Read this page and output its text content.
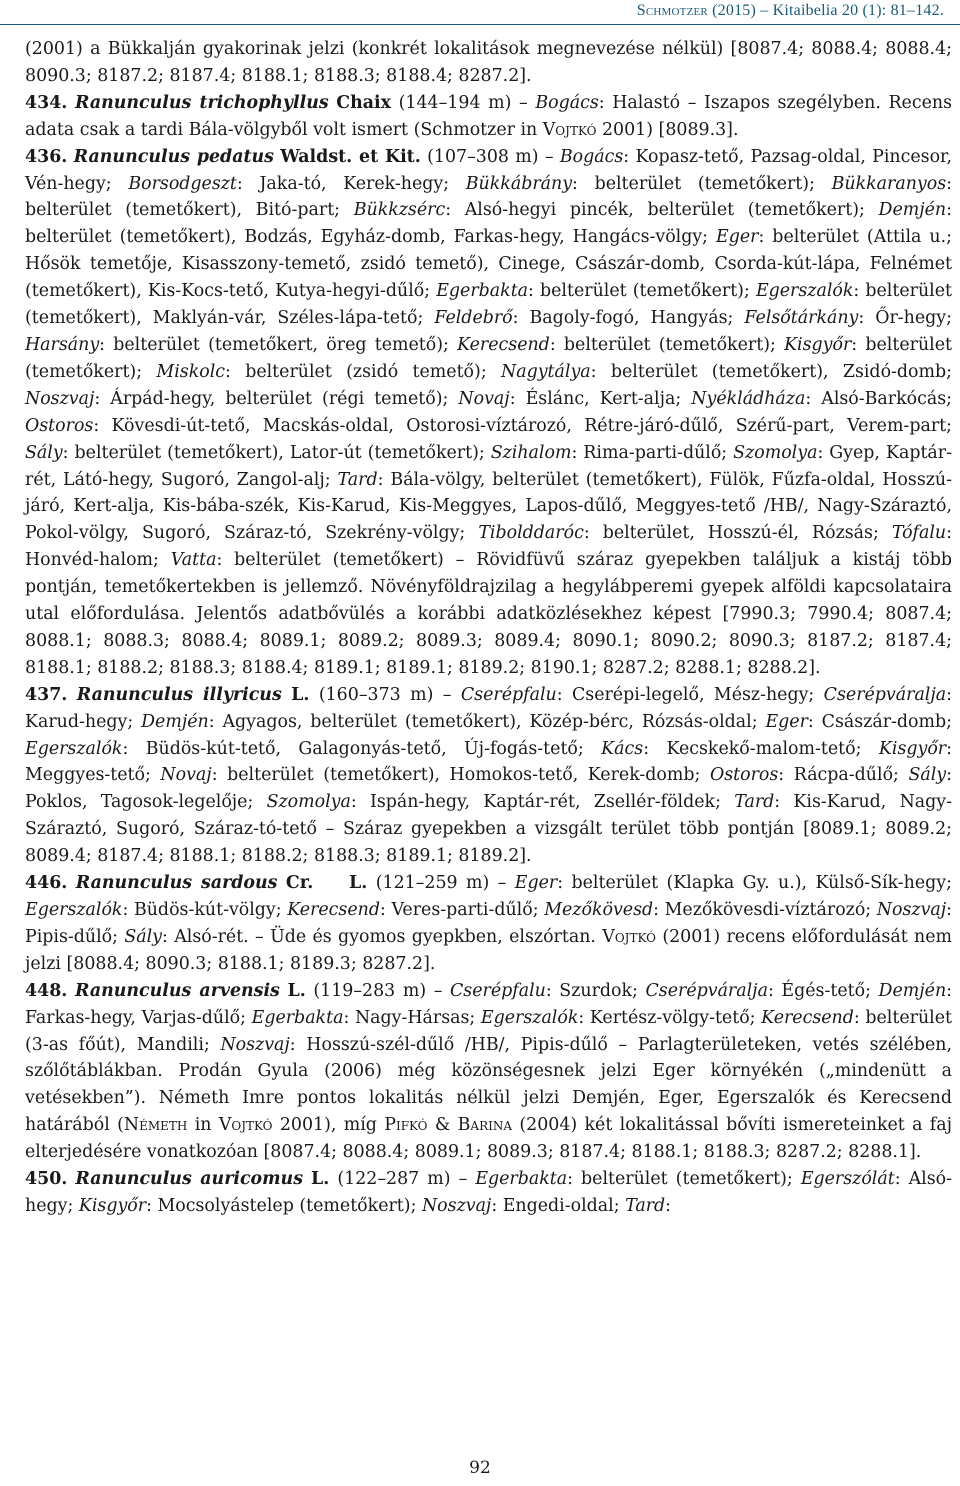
Schmotzer (2015) – Kitaibelia 20 (1): 81–142.

(2001) a Bükkalján gyakorinak jelzi (konkrét lokalitások megnevezése nélkül) [8087.4; 8088.4; 8088.4; 8090.3; 8187.2; 8187.4; 8188.1; 8188.3; 8188.4; 8287.2].

434. Ranunculus trichophyllus Chaix (144–194 m) – Bogács: Halastó – Iszapos szegélyben. Recens adata csak a tardi Bála-völgyből volt ismert (Schmotzer in Vojtkó 2001) [8089.3].

436. Ranunculus pedatus Waldst. et Kit. (107–308 m) – Bogács: Kopasz-tető, Pazsag-oldal, Pincesor, Vén-hegy; Borsodgeszt: Jaka-tó, Kerek-hegy; Bükkábrány: belterület (temetőkert); Bükkaranyos: belterület (temetőkert), Bitó-part; Bükkzsérc: Alsó-hegyi pincék, belterület (temetőkert); Demjén: belterület (temetőkert), Bodzás, Egyház-domb, Farkas-hegy, Hangács-völgy; Eger: belterület (Attila u.; Hősök temetője, Kisasszony-temető, zsidó temető), Cinege, Császár-domb, Csorda-kút-lápa, Felnémet (temetőkert), Kis-Kocs-tető, Kutya-hegyi-dűlő; Egerbakta: belterület (temetőkert); Egerszalók: belterület (temetőkert), Maklyán-vár, Széles-lápa-tető; Feldebrő: Bagoly-fogó, Hangyás; Felsőtárkány: Őr-hegy; Harsány: belterület (temetőkert, öreg temető); Kerecsend: belterület (temetőkert); Kisgyőr: belterület (temetőkert); Miskolc: belterület (zsidó temető); Nagytálya: belterület (temetőkert), Zsidó-domb; Noszvaj: Árpád-hegy, belterület (régi temető); Novaj: Éslánc, Kert-alja; Nyékládháza: Alsó-Barkócás; Ostoros: Kövesdi-út-tető, Macskás-oldal, Ostorosi-víztározó, Rétre-járó-dűlő, Szérű-part, Verem-part; Sály: belterület (temetőkert), Lator-út (temetőkert); Szihalom: Rima-parti-dűlő; Szomolya: Gyep, Kaptár-rét, Látó-hegy, Sugoró, Zangol-alj; Tard: Bála-völgy, belterület (temetőkert), Fülök, Fűzfa-oldal, Hosszú-járó, Kert-alja, Kis-bába-szék, Kis-Karud, Kis-Meggyes, Lapos-dűlő, Meggyes-tető /HB/, Nagy-Száraztó, Pokol-völgy, Sugoró, Száraz-tó, Szekrény-völgy; Tibolddaróc: belterület, Hosszú-él, Rózsás; Tófalu: Honvéd-halom; Vatta: belterület (temetőkert) – Rövidfüvű száraz gyepekben találjuk a kistáj több pontján, temetőkertekben is jellemző. Növényföldrajzilag a hegylábperemi gyepek alföldi kapcsolataira utal előfordulása. Jelentős adatbővülés a korábbi adatközlésekhez képest [7990.3; 7990.4; 8087.4; 8088.1; 8088.3; 8088.4; 8089.1; 8089.2; 8089.3; 8089.4; 8090.1; 8090.2; 8090.3; 8187.2; 8187.4; 8188.1; 8188.2; 8188.3; 8188.4; 8189.1; 8189.1; 8189.2; 8190.1; 8287.2; 8288.1; 8288.2].

437. Ranunculus illyricus L. (160–373 m) – Cserépfalu: Cserépi-legelő, Mész-hegy; Cserépváralja: Karud-hegy; Demjén: Agyagos, belterület (temetőkert), Közép-bérc, Rózsás-oldal; Eger: Császár-domb; Egerszalók: Büdös-kút-tető, Galagonyás-tető, Új-fogás-tető; Kács: Kecskekő-malom-tető; Kisgyőr: Meggyes-tető; Novaj: belterület (temetőkert), Homokos-tető, Kerek-domb; Ostoros: Rácpa-dűlő; Sály: Poklos, Tagosok-legelője; Szomolya: Ispán-hegy, Kaptár-rét, Zsellér-földek; Tard: Kis-Karud, Nagy-Száraztó, Sugoró, Száraz-tó-tető – Száraz gyepekben a vizsgált terület több pontján [8089.1; 8089.2; 8089.4; 8187.4; 8188.1; 8188.2; 8188.3; 8189.1; 8189.2].

446. Ranunculus sardous Cr.    L. (121–259 m) – Eger: belterület (Klapka Gy. u.), Külső-Sík-hegy; Egerszalók: Büdös-kút-völgy; Kerecsend: Veres-parti-dűlő; Mezőkövesd: Mezőkövesdi-víztározó; Noszvaj: Pipis-dűlő; Sály: Alsó-rét. – Üde és gyomos gyepkben, elszórtan. Vojtkó (2001) recens előfordulását nem jelzi [8088.4; 8090.3; 8188.1; 8189.3; 8287.2].

448. Ranunculus arvensis L. (119–283 m) – Cserépfalu: Szurdok; Cserépváralja: Égés-tető; Demjén: Farkas-hegy, Varjas-dűlő; Egerbakta: Nagy-Hársas; Egerszalók: Kertész-völgy-tető; Kerecsend: belterület (3-as főút), Mandili; Noszvaj: Hosszú-szél-dűlő /HB/, Pipis-dűlő – Parlagterületeken, vetés szélében, szőlőtáblákban. Prodán Gyula (2006) még közönségesnek jelzi Eger környékén („mindenütt a vetésekben”). Németh Imre pontos lokalitás nélkül jelzi Demjén, Eger, Egerszalók és Kerecsend határából (Németh in Vojtkó 2001), míg Pifkó & Barina (2004) két lokalitással bővíti ismereteinket a faj elterjedésére vonatkozóan [8087.4; 8088.4; 8089.1; 8089.3; 8187.4; 8188.1; 8188.3; 8287.2; 8288.1].

450. Ranunculus auricomus L. (122–287 m) – Egerbakta: belterület (temetőkert); Egerszólát: Alsó-hegy; Kisgyőr: Mocsolyástelep (temetőkert); Noszvaj: Engedi-oldal; Tard:

92
